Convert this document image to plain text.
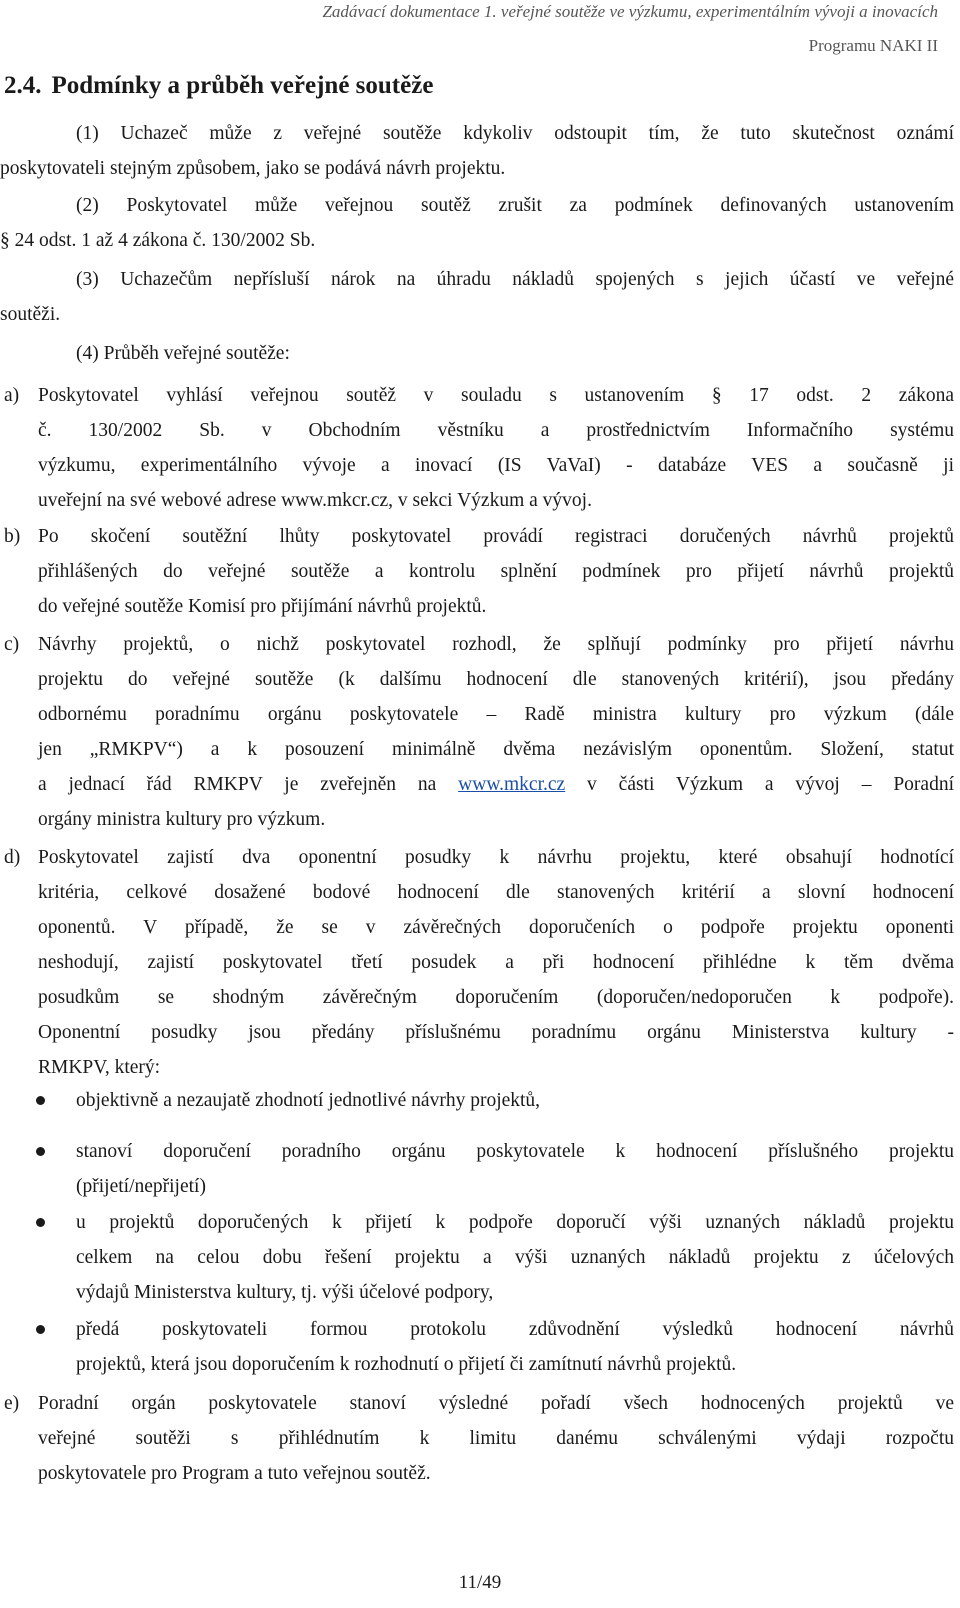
Zadávací dokumentace 1. veřejné soutěže ve výzkumu, experimentálním vývoji a inovacích
Programu NAKI II
2.4. Podmínky a průběh veřejné soutěže
(1) Uchazeč může z veřejné soutěže kdykoliv odstoupit tím, že tuto skutečnost oznámí
poskytovateli stejným způsobem, jako se podává návrh projektu.
(2) Poskytovatel může veřejnou soutěž zrušit za podmínek definovaných ustanovením
§ 24 odst. 1 až 4 zákona č. 130/2002 Sb.
(3) Uchazečům nepřísluší nárok na úhradu nákladů spojených s jejich účastí ve veřejné
soutěži.
(4) Průběh veřejné soutěže:
a) Poskytovatel vyhlásí veřejnou soutěž v souladu s ustanovením § 17 odst. 2 zákona
č. 130/2002 Sb. v Obchodním věstníku a prostřednictvím Informačního systému
výzkumu, experimentálního vývoje a inovací (IS VaVaI) - databáze VES a současně ji
uveřejní na své webové adrese www.mkcr.cz, v sekci Výzkum a vývoj.
b) Po skočení soutěžní lhůty poskytovatel provádí registraci doručených návrhů projektů
přihlášených do veřejné soutěže a kontrolu splnění podmínek pro přijetí návrhů projektů
do veřejné soutěže Komisí pro přijímání návrhů projektů.
c) Návrhy projektů, o nichž poskytovatel rozhodl, že splňují podmínky pro přijetí návrhu
projektu do veřejné soutěže (k dalšímu hodnocení dle stanovených kritérií), jsou předány
odbornému poradnímu orgánu poskytovatele – Radě ministra kultury pro výzkum (dále
jen „RMKPV“) a k posouzení minimálně dvěma nezávislým oponentům. Složení, statut
a jednací řád RMKPV je zveřejněn na www.mkcr.cz v části Výzkum a vývoj – Poradní
orgány ministra kultury pro výzkum.
d) Poskytovatel zajistí dva oponentní posudky k návrhu projektu, které obsahují hodnotící
kritéria, celkové dosažené bodové hodnocení dle stanovených kritérií a slovní hodnocení
oponentů. V případě, že se v závěrečných doporučeních o podpoře projektu oponenti
neshodují, zajistí poskytovatel třetí posudek a při hodnocení přihlédne k těm dvěma
posudkům se shodným závěrečným doporučením (doporučen/nedoporučen k podpoře).
Oponentní posudky jsou předány příslušnému poradnímu orgánu Ministerstva kultury -
RMKPV, který:
objektivně a nezaujatě zhodnotí jednotlivé návrhy projektů,
stanoví doporučení poradního orgánu poskytovatele k hodnocení příslušného projektu
(přijetí/nepřijetí)
u projektů doporučených k přijetí k podpoře doporučí výši uznaných nákladů projektu
celkem na celou dobu řešení projektu a výši uznaných nákladů projektu z účelových
výdajů Ministerstva kultury, tj. výši účelové podpory,
předá poskytovateli formou protokolu zdůvodnění výsledků hodnocení návrhů
projektů, která jsou doporučením k rozhodnutí o přijetí či zamítnutí návrhů projektů.
e) Poradní orgán poskytovatele stanoví výsledné pořadí všech hodnocených projektů ve
veřejné soutěži s přihlédnutím k limitu danému schválenými výdaji rozpočtu
poskytovatele pro Program a tuto veřejnou soutěž.
11/49
